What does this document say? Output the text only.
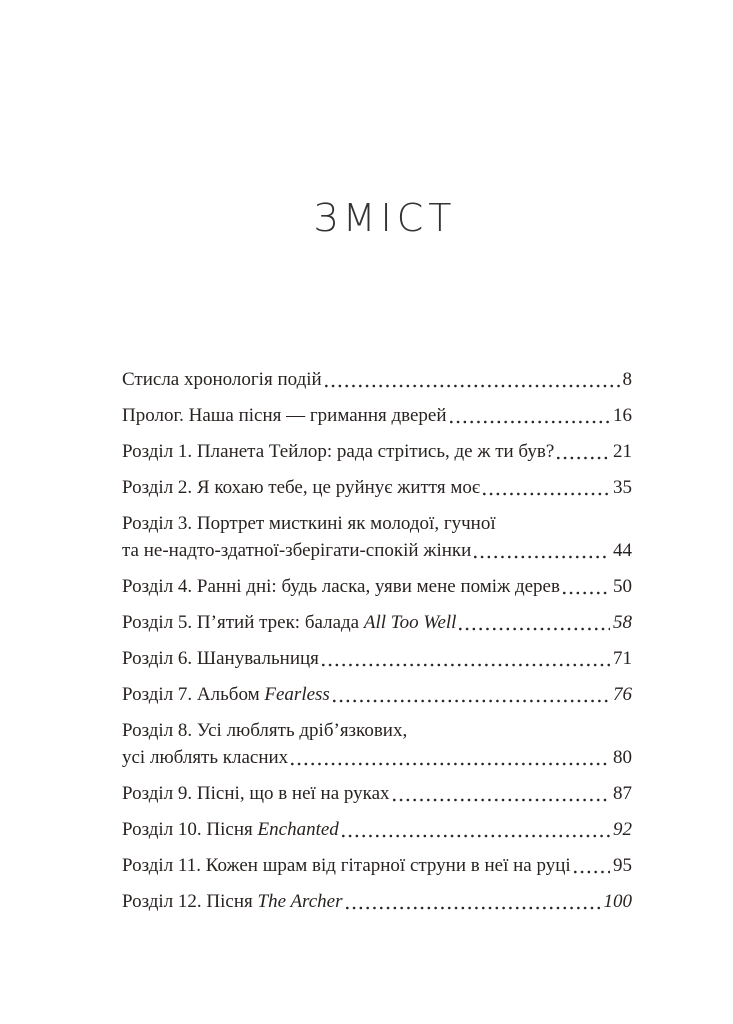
ЗМІСТ
Стисла хронологія подій	8
Пролог. Наша пісня — гримання дверей	16
Розділ 1. Планета Тейлор: рада стрітись, де ж ти був?	21
Розділ 2. Я кохаю тебе, це руйнує життя моє	35
Розділ 3. Портрет мисткині як молодої, гучної
та не-надто-здатної-зберігати-спокій жінки	44
Розділ 4. Ранні дні: будь ласка, уяви мене поміж дерев	50
Розділ 5. П’ятий трек: балада All Too Well	58
Розділ 6. Шанувальниця	71
Розділ 7. Альбом Fearless	76
Розділ 8. Усі люблять дріб’язкових,
усі люблять класних	80
Розділ 9. Пісні, що в неї на руках	87
Розділ 10. Пісня Enchanted	92
Розділ 11. Кожен шрам від гітарної струни в неї на руці 95
Розділ 12. Пісня The Archer	100
